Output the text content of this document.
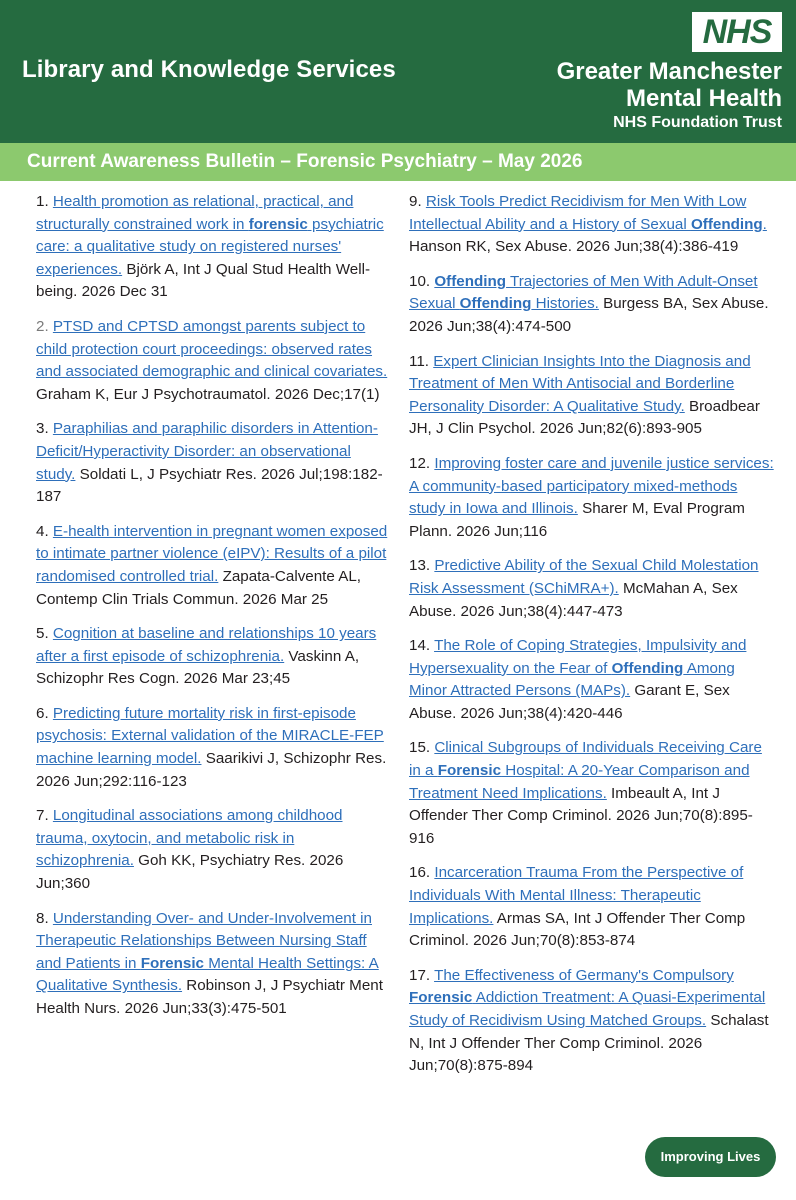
Library and Knowledge Services
NHS
Greater Manchester
Mental Health
NHS Foundation Trust
Current Awareness Bulletin – Forensic Psychiatry – May 2026

1. Health promotion as relational, practical, and structurally constrained work in forensic psychiatric care: a qualitative study on registered nurses' experiences. Björk A, Int J Qual Stud Health Well-being. 2026 Dec 31

2. PTSD and CPTSD amongst parents subject to child protection court proceedings: observed rates and associated demographic and clinical covariates. Graham K, Eur J Psychotraumatol. 2026 Dec;17(1)

3. Paraphilias and paraphilic disorders in Attention-Deficit/Hyperactivity Disorder: an observational study. Soldati L, J Psychiatr Res. 2026 Jul;198:182-187

4. E-health intervention in pregnant women exposed to intimate partner violence (eIPV): Results of a pilot randomised controlled trial. Zapata-Calvente AL, Contemp Clin Trials Commun. 2026 Mar 25

5. Cognition at baseline and relationships 10 years after a first episode of schizophrenia. Vaskinn A, Schizophr Res Cogn. 2026 Mar 23;45

6. Predicting future mortality risk in first-episode psychosis: External validation of the MIRACLE-FEP machine learning model. Saarikivi J, Schizophr Res. 2026 Jun;292:116-123

7. Longitudinal associations among childhood trauma, oxytocin, and metabolic risk in schizophrenia. Goh KK, Psychiatry Res. 2026 Jun;360

8. Understanding Over- and Under-Involvement in Therapeutic Relationships Between Nursing Staff and Patients in Forensic Mental Health Settings: A Qualitative Synthesis. Robinson J, J Psychiatr Ment Health Nurs. 2026 Jun;33(3):475-501

9. Risk Tools Predict Recidivism for Men With Low Intellectual Ability and a History of Sexual Offending. Hanson RK, Sex Abuse. 2026 Jun;38(4):386-419

10. Offending Trajectories of Men With Adult-Onset Sexual Offending Histories. Burgess BA, Sex Abuse. 2026 Jun;38(4):474-500

11. Expert Clinician Insights Into the Diagnosis and Treatment of Men With Antisocial and Borderline Personality Disorder: A Qualitative Study. Broadbear JH, J Clin Psychol. 2026 Jun;82(6):893-905

12. Improving foster care and juvenile justice services: A community-based participatory mixed-methods study in Iowa and Illinois. Sharer M, Eval Program Plann. 2026 Jun;116

13. Predictive Ability of the Sexual Child Molestation Risk Assessment (SChiMRA+). McMahan A, Sex Abuse. 2026 Jun;38(4):447-473

14. The Role of Coping Strategies, Impulsivity and Hypersexuality on the Fear of Offending Among Minor Attracted Persons (MAPs). Garant E, Sex Abuse. 2026 Jun;38(4):420-446

15. Clinical Subgroups of Individuals Receiving Care in a Forensic Hospital: A 20-Year Comparison and Treatment Need Implications. Imbeault A, Int J Offender Ther Comp Criminol. 2026 Jun;70(8):895-916

16. Incarceration Trauma From the Perspective of Individuals With Mental Illness: Therapeutic Implications. Armas SA, Int J Offender Ther Comp Criminol. 2026 Jun;70(8):853-874

17. The Effectiveness of Germany's Compulsory Forensic Addiction Treatment: A Quasi-Experimental Study of Recidivism Using Matched Groups. Schalast N, Int J Offender Ther Comp Criminol. 2026 Jun;70(8):875-894

Improving Lives
